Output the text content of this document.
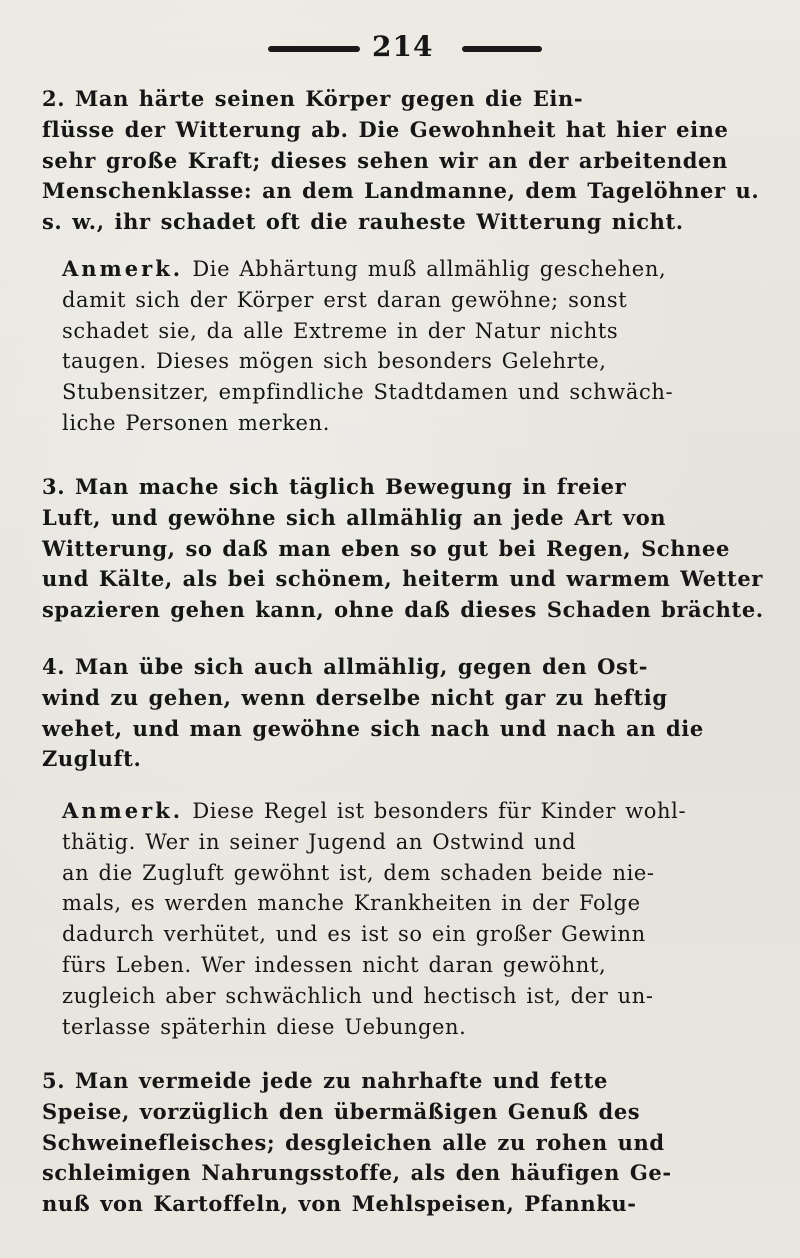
214
2. Man härte seinen Körper gegen die Ein-
flüsse der Witterung ab. Die Gewohnheit hat hier eine
sehr große Kraft; dieses sehen wir an der arbeitenden
Menschenklasse: an dem Landmanne, dem Tagelöhner u.
s. w., ihr schadet oft die rauheste Witterung nicht.
Anmerk. Die Abhärtung muß allmählig geschehen,
damit sich der Körper erst daran gewöhne; sonst
schadet sie, da alle Extreme in der Natur nichts
taugen. Dieses mögen sich besonders Gelehrte,
Stubensitzer, empfindliche Stadtdamen und schwäch-
liche Personen merken.
3. Man mache sich täglich Bewegung in freier
Luft, und gewöhne sich allmählig an jede Art von
Witterung, so daß man eben so gut bei Regen, Schnee
und Kälte, als bei schönem, heiterm und warmem Wetter
spazieren gehen kann, ohne daß dieses Schaden brächte.
4. Man übe sich auch allmählig, gegen den Ost-
wind zu gehen, wenn derselbe nicht gar zu heftig
wehet, und man gewöhne sich nach und nach an die
Zugluft.
Anmerk. Diese Regel ist besonders für Kinder wohl-
thätig. Wer in seiner Jugend an Ostwind und
an die Zugluft gewöhnt ist, dem schaden beide nie-
mals, es werden manche Krankheiten in der Folge
dadurch verhütet, und es ist so ein großer Gewinn
fürs Leben. Wer indessen nicht daran gewöhnt,
zugleich aber schwächlich und hectisch ist, der un-
terlasse späterhin diese Uebungen.
5. Man vermeide jede zu nahrhafte und fette
Speise, vorzüglich den übermäßigen Genuß des
Schweinefleisches; desgleichen alle zu rohen und
schleimigen Nahrungsstoffe, als den häufigen Ge-
nuß von Kartoffeln, von Mehlspeisen, Pfannku-
